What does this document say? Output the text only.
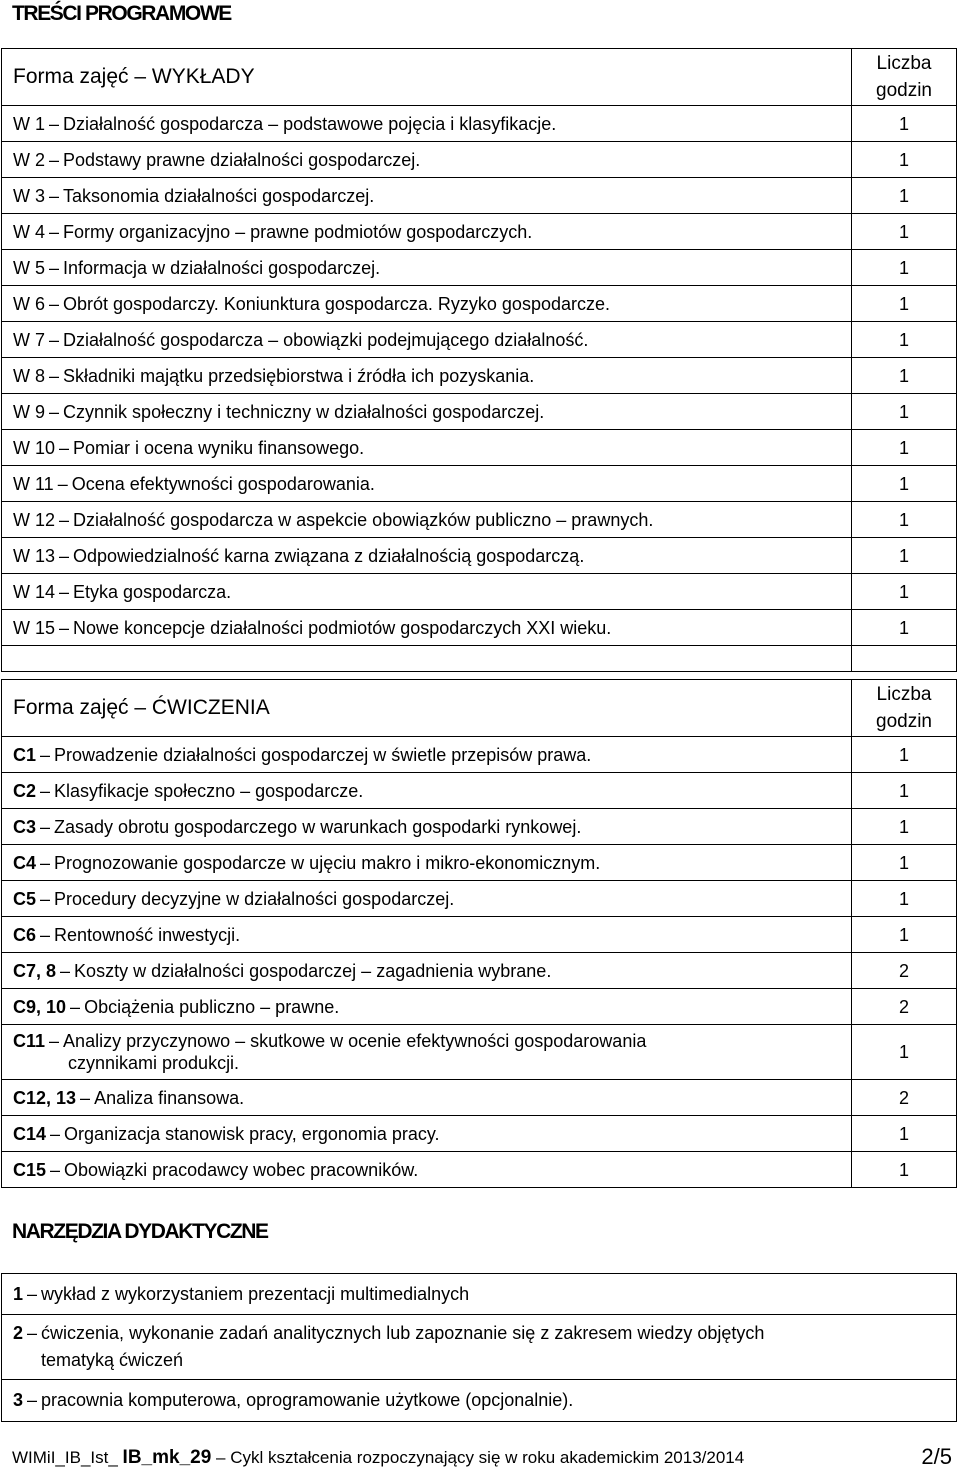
TREŚCI PROGRAMOWE
Forma zajęć – WYKŁADY	Liczba
godzin
W 1 – Działalność gospodarcza – podstawowe pojęcia i klasyfikacje.	1
W 2 – Podstawy prawne działalności gospodarczej.	1
W 3 – Taksonomia działalności gospodarczej.	1
W 4 – Formy organizacyjno – prawne podmiotów gospodarczych.	1
W 5 – Informacja w działalności gospodarczej.	1
W 6 – Obrót gospodarczy. Koniunktura gospodarcza. Ryzyko gospodarcze.	1
W 7 – Działalność gospodarcza – obowiązki podejmującego działalność.	1
W 8 – Składniki majątku przedsiębiorstwa i źródła ich pozyskania.	1
W 9 – Czynnik społeczny i techniczny w działalności gospodarczej.	1
W 10 – Pomiar i ocena wyniku finansowego.	1
W 11 – Ocena efektywności gospodarowania.	1
W 12 – Działalność gospodarcza w aspekcie obowiązków publiczno – prawnych.	1
W 13 – Odpowiedzialność karna związana z działalnością gospodarczą.	1
W 14 – Etyka gospodarcza.	1
W 15 – Nowe koncepcje działalności podmiotów gospodarczych XXI wieku.	1

Forma zajęć – ĆWICZENIA	Liczba
godzin
C1 – Prowadzenie działalności gospodarczej w świetle przepisów prawa.	1
C2 – Klasyfikacje społeczno – gospodarcze.	1
C3 – Zasady obrotu gospodarczego w warunkach gospodarki rynkowej.	1
C4 – Prognozowanie gospodarcze w ujęciu makro i mikro-ekonomicznym.	1
C5 – Procedury decyzyjne w działalności gospodarczej.	1
C6 – Rentowność inwestycji.	1
C7, 8 – Koszty w działalności gospodarczej – zagadnienia wybrane.	2
C9, 10 – Obciążenia publiczno – prawne.	2
C11 – Analizy przyczynowo – skutkowe w ocenie efektywności gospodarowania
czynnikami produkcji.	1
C12, 13 – Analiza finansowa.	2
C14 – Organizacja stanowisk pracy, ergonomia pracy.	1
C15 – Obowiązki pracodawcy wobec pracowników.	1
NARZĘDZIA DYDAKTYCZNE
1 – wykład z wykorzystaniem prezentacji multimedialnych
2 – ćwiczenia, wykonanie zadań analitycznych lub zapoznanie się z zakresem wiedzy objętych
tematyką ćwiczeń

3 – pracownia komputerowa, oprogramowanie użytkowe (opcjonalnie).
WIMiI_IB_Ist_ IB_mk_29 – Cykl kształcenia rozpoczynający się w roku akademickim 2013/2014	2/5
